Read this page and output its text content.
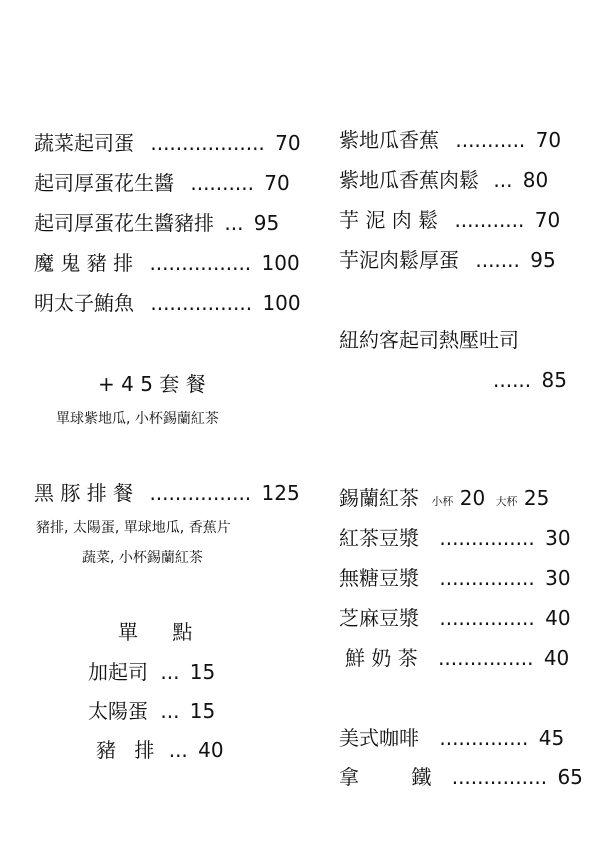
蔬菜起司蛋 .................. 70
起司厚蛋花生醬 .......... 70
起司厚蛋花生醬豬排 ... 95
魔 鬼 豬 排 ................ 100
明太子鮪魚 ................ 100
+ 4 5 套 餐
單球紫地瓜, 小杯錫蘭紅茶
黑 豚 排 餐 ................ 125
豬排, 太陽蛋, 單球地瓜, 香蕉片
蔬菜, 小杯錫蘭紅茶
單 點
加起司 ... 15
太陽蛋 ... 15
豬 排 ... 40
紫地瓜香蕉 ........... 70
紫地瓜香蕉肉鬆 ... 80
芋 泥 肉 鬆 ........... 70
芋泥肉鬆厚蛋 ....... 95
紐約客起司熱壓吐司
...... 85
錫蘭紅茶 小杯 20 大杯 25
紅茶豆漿 ............... 30
無糖豆漿 ............... 30
芝麻豆漿 ............... 40
鮮 奶 茶 ............... 40
美式咖啡 .............. 45
拿 鐵 ............... 65
